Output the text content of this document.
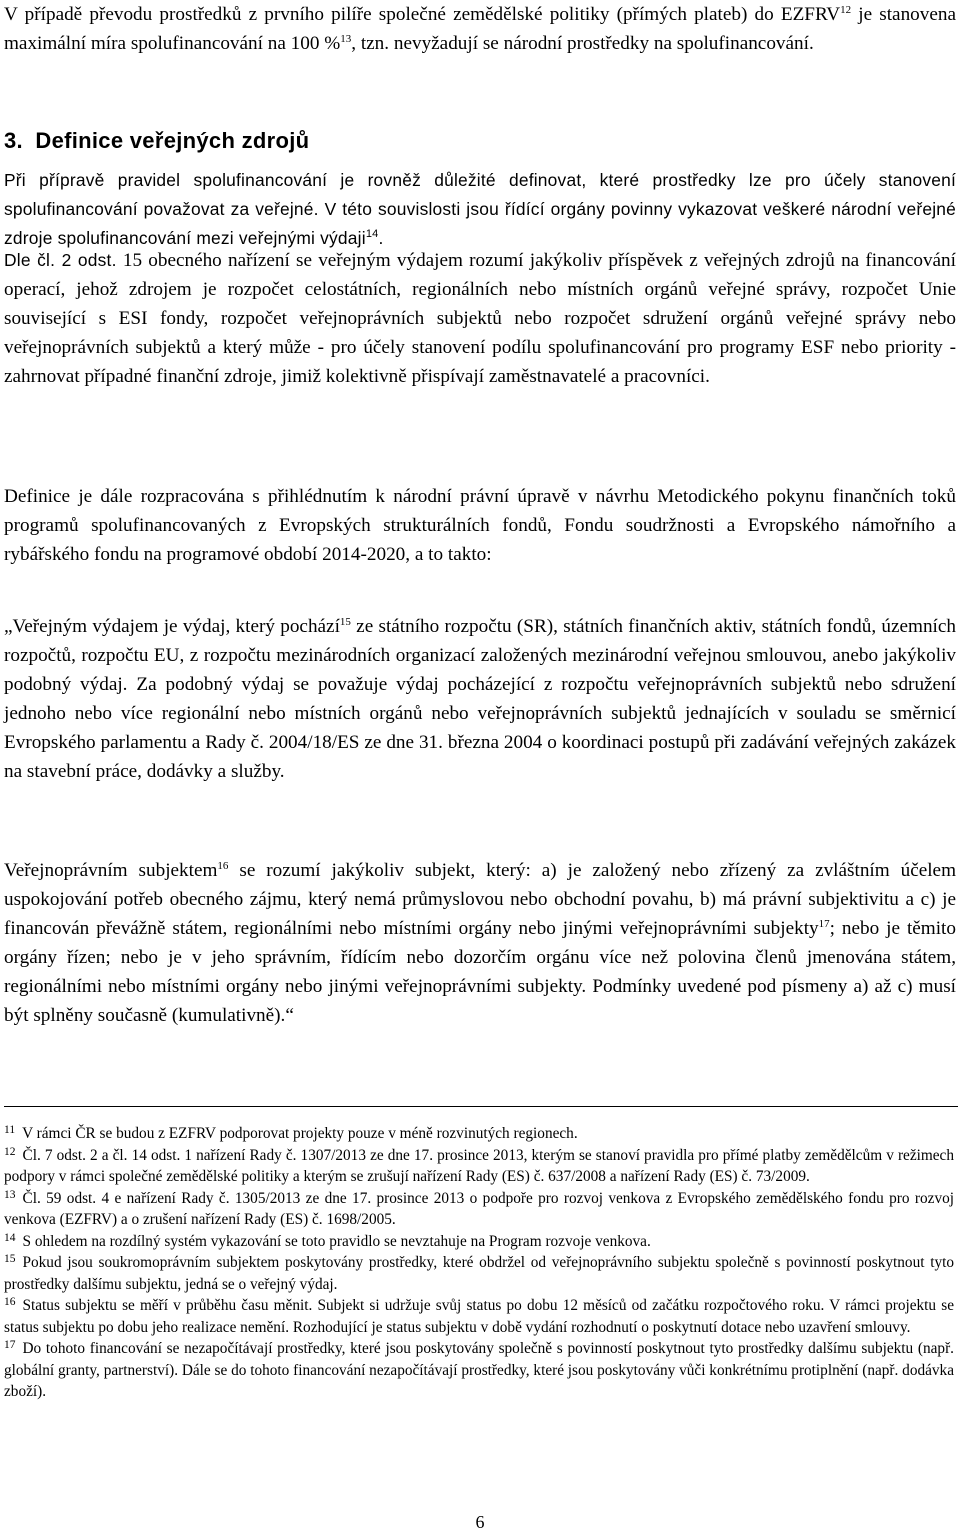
V případě převodu prostředků z prvního pilíře společné zemědělské politiky (přímých plateb) do EZFRV$^{12}$ je stanovena maximální míra spolufinancování na 100 %$^{13}$, tzn. nevyžadují se národní prostředky na spolufinancování.

3. Definice veřejných zdrojů

Při přípravě pravidel spolufinancování je rovněž důležité definovat, které prostředky lze pro účely stanovení spolufinancování považovat za veřejné. V této souvislosti jsou řídící orgány povinny vykazovat veškeré národní veřejné zdroje spolufinancování mezi veřejnými výdaji$^{14}$.

Dle čl. 2 odst. 15 obecného nařízení se veřejným výdajem rozumí jakýkoliv příspěvek z veřejných zdrojů na financování operací, jehož zdrojem je rozpočet celostátních, regionálních nebo místních orgánů veřejné správy, rozpočet Unie související s ESI fondy, rozpočet veřejnoprávních subjektů nebo rozpočet sdružení orgánů veřejné správy nebo veřejnoprávních subjektů a který může - pro účely stanovení podílu spolufinancování pro programy ESF nebo priority - zahrnovat případné finanční zdroje, jimiž kolektivně přispívají zaměstnavatelé a pracovníci.

Definice je dále rozpracována s přihlédnutím k národní právní úpravě v návrhu Metodického pokynu finančních toků programů spolufinancovaných z Evropských strukturálních fondů, Fondu soudržnosti a Evropského námořního a rybářského fondu na programové období 2014-2020, a to takto:

„Veřejným výdajem je výdaj, který pochází$^{15}$ ze státního rozpočtu (SR), státních finančních aktiv, státních fondů, územních rozpočtů, rozpočtu EU, z rozpočtu mezinárodních organizací založených mezinárodní veřejnou smlouvou, anebo jakýkoliv podobný výdaj. Za podobný výdaj se považuje výdaj pocházející z rozpočtu veřejnoprávních subjektů nebo sdružení jednoho nebo více regionální nebo místních orgánů nebo veřejnoprávních subjektů jednajících v souladu se směrnicí Evropského parlamentu a Rady č. 2004/18/ES ze dne 31. března 2004 o koordinaci postupů při zadávání veřejných zakázek na stavební práce, dodávky a služby.

Veřejnoprávním subjektem$^{16}$ se rozumí jakýkoliv subjekt, který: a) je založený nebo zřízený za zvláštním účelem uspokojování potřeb obecného zájmu, který nemá průmyslovou nebo obchodní povahu, b) má právní subjektivitu a c) je financován převážně státem, regionálními nebo místními orgány nebo jinými veřejnoprávními subjekty$^{17}$; nebo je těmito orgány řízen; nebo je v jeho správním, řídícím nebo dozorčím orgánu více než polovina členů jmenována státem, regionálními nebo místními orgány nebo jinými veřejnoprávními subjekty. Podmínky uvedené pod písmeny a) až c) musí být splněny současně (kumulativně).“

$^{11}$ V rámci ČR se budou z EZFRV podporovat projekty pouze v méně rozvinutých regionech.

$^{12}$ Čl. 7 odst. 2 a čl. 14 odst. 1 nařízení Rady č. 1307/2013 ze dne 17. prosince 2013, kterým se stanoví pravidla pro přímé platby zemědělcům v režimech podpory v rámci společné zemědělské politiky a kterým se zrušují nařízení Rady (ES) č. 637/2008 a nařízení Rady (ES) č. 73/2009.

$^{13}$ Čl. 59 odst. 4 e nařízení Rady č. 1305/2013 ze dne 17. prosince 2013 o podpoře pro rozvoj venkova z Evropského zemědělského fondu pro rozvoj venkova (EZFRV) a o zrušení nařízení Rady (ES) č. 1698/2005.

$^{14}$ S ohledem na rozdílný systém vykazování se toto pravidlo se nevztahuje na Program rozvoje venkova.

$^{15}$ Pokud jsou soukromoprávním subjektem poskytovány prostředky, které obdržel od veřejnoprávního subjektu společně s povinností poskytnout tyto prostředky dalšímu subjektu, jedná se o veřejný výdaj.

$^{16}$ Status subjektu se měří v průběhu času měnit. Subjekt si udržuje svůj status po dobu 12 měsíců od začátku rozpočtového roku. V rámci projektu se status subjektu po dobu jeho realizace nemění. Rozhodující je status subjektu v době vydání rozhodnutí o poskytnutí dotace nebo uzavření smlouvy.

$^{17}$ Do tohoto financování se nezapočítávají prostředky, které jsou poskytovány společně s povinností poskytnout tyto prostředky dalšímu subjektu (např. globální granty, partnerství). Dále se do tohoto financování nezapočítávají prostředky, které jsou poskytovány vůči konkrétnímu protiplnění (např. dodávka zboží).

6
